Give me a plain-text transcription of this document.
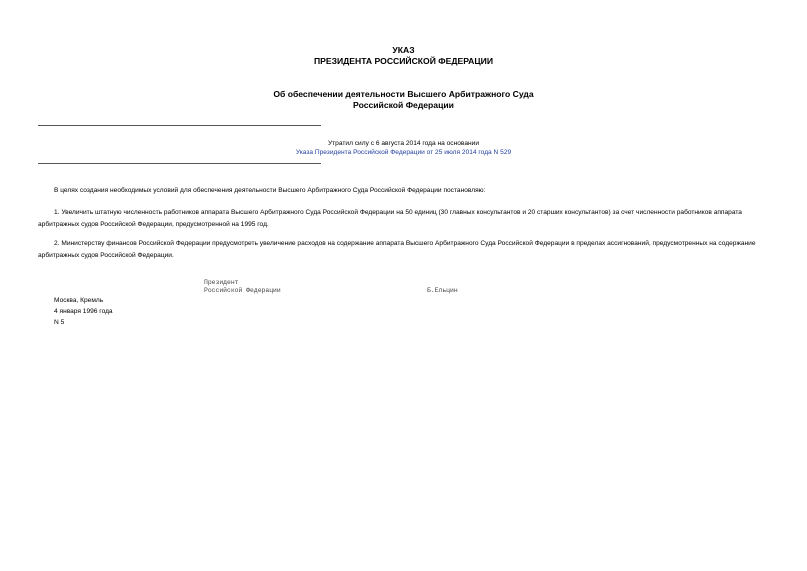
УКАЗ
ПРЕЗИДЕНТА РОССИЙСКОЙ ФЕДЕРАЦИИ
Об обеспечении деятельности Высшего Арбитражного Суда
Российской Федерации
Утратил силу с 6 августа 2014 года на основании
Указа Президента Российской Федерации от 25 июля 2014 года N 529
В целях создания необходимых условий для обеспечения деятельности Высшего Арбитражного Суда Российской Федерации постановляю:
1. Увеличить штатную численность работников аппарата Высшего Арбитражного Суда Российской Федерации на 50 единиц (30 главных консультантов и 20 старших консультантов) за счет численности работников аппарата арбитражных судов Российской Федерации, предусмотренной на 1995 год.
2. Министерству финансов Российской Федерации предусмотреть увеличение расходов на содержание аппарата Высшего Арбитражного Суда Российской Федерации в пределах ассигнований, предусмотренных на содержание арбитражных судов Российской Федерации.
Президент
Российской Федерации	Б.Ельцин
Москва, Кремль
4 января 1996 года
N 5
